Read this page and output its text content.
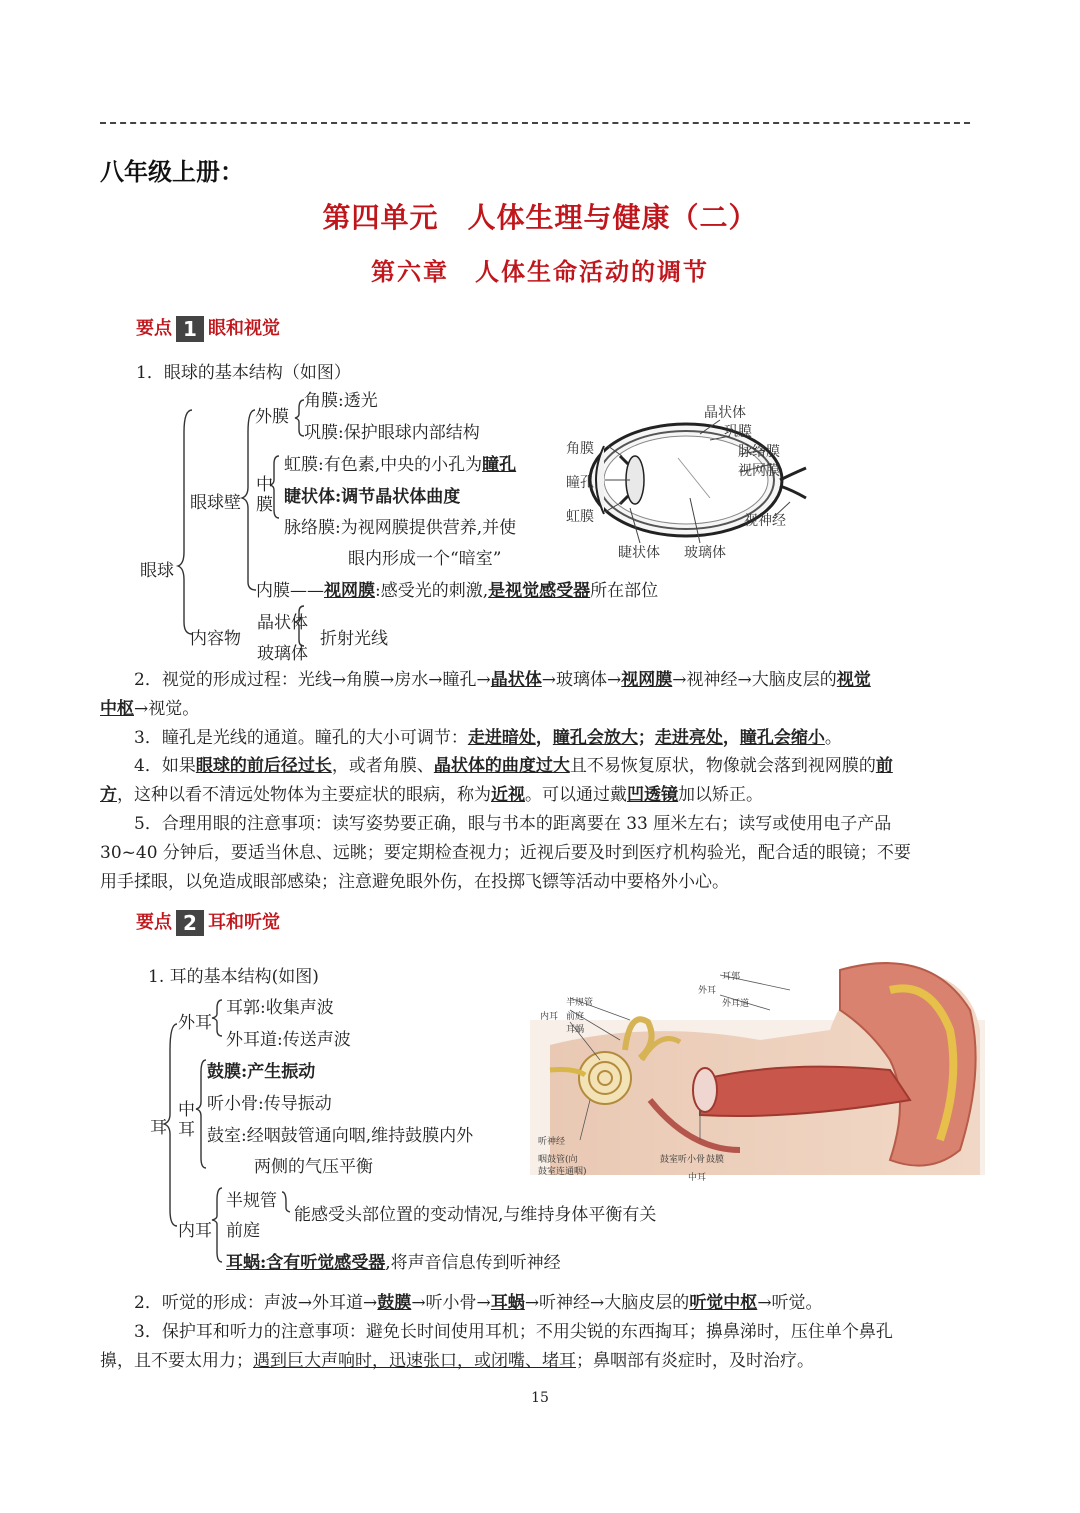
八年级上册：
第四单元　人体生理与健康（二）
第六章　人体生命活动的调节
要点 1 眼和视觉
1．眼球的基本结构（如图）
眼球
眼球壁
外膜
角膜:透光
巩膜:保护眼球内部结构
中
膜
虹膜:有色素,中央的小孔为瞳孔
睫状体:调节晶状体曲度
脉络膜:为视网膜提供营养,并使
眼内形成一个“暗室”
内膜——视网膜:感受光的刺激,是视觉感受器所在部位
内容物
晶状体
玻璃体
折射光线
晶状体
巩膜
脉络膜
视网膜
视神经
角膜
瞳孔
虹膜
睫状体 玻璃体
2．视觉的形成过程：光线→角膜→房水→瞳孔→晶状体→玻璃体→视网膜→视神经→大脑皮层的视觉
中枢→视觉。
3．瞳孔是光线的通道。瞳孔的大小可调节：走进暗处，瞳孔会放大；走进亮处，瞳孔会缩小。
4．如果眼球的前后径过长，或者角膜、晶状体的曲度过大且不易恢复原状，物像就会落到视网膜的前
方，这种以看不清远处物体为主要症状的眼病，称为近视。可以通过戴凹透镜加以矫正。
5．合理用眼的注意事项：读写姿势要正确，眼与书本的距离要在 33 厘米左右；读写或使用电子产品
30~40 分钟后，要适当休息、远眺；要定期检查视力；近视后要及时到医疗机构验光，配合适的眼镜；不要
用手揉眼，以免造成眼部感染；注意避免眼外伤，在投掷飞镖等活动中要格外小心。
要点 2 耳和听觉
1. 耳的基本结构(如图)
耳
外耳
耳郭:收集声波
外耳道:传送声波
中
耳
鼓膜:产生振动
听小骨:传导振动
鼓室:经咽鼓管通向咽,维持鼓膜内外
两侧的气压平衡
内耳
半规管
前庭
能感受头部位置的变动情况,与维持身体平衡有关
耳蜗:含有听觉感受器,将声音信息传到听神经
耳郭
外耳
外耳道
半规管
内耳 前庭
耳蜗
听神经
咽鼓管(向
鼓室连通咽)
鼓室 听小骨 鼓膜
中耳
2．听觉的形成：声波→外耳道→鼓膜→听小骨→耳蜗→听神经→大脑皮层的听觉中枢→听觉。
3．保护耳和听力的注意事项：避免长时间使用耳机；不用尖锐的东西掏耳；擤鼻涕时，压住单个鼻孔
擤，且不要太用力；遇到巨大声响时，迅速张口，或闭嘴、堵耳；鼻咽部有炎症时，及时治疗。
15
